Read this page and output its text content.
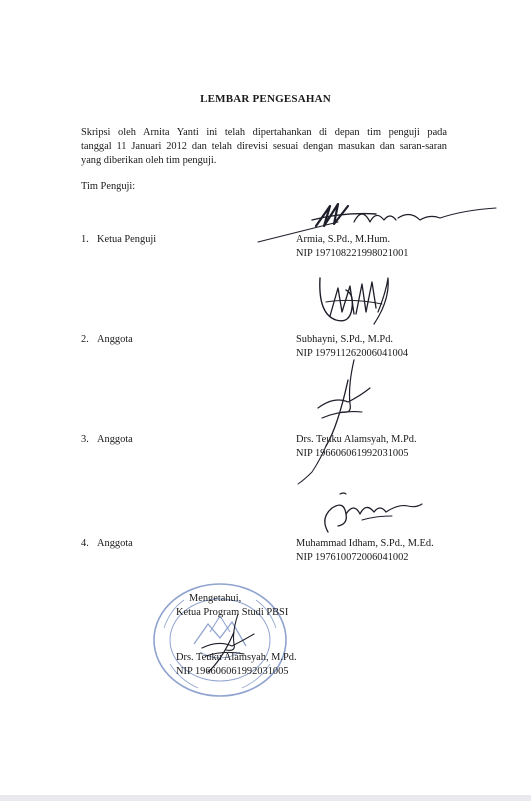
LEMBAR PENGESAHAN
Skripsi oleh Arnita Yanti ini telah dipertahankan di depan tim penguji pada
tanggal 11 Januari 2012 dan telah direvisi sesuai dengan masukan dan saran-saran
yang diberikan oleh tim penguji.
Tim Penguji:
1. Ketua Penguji	Armia, S.Pd., M.Hum.
NIP 197108221998021001
2. Anggota	Subhayni, S.Pd., M.Pd.
NIP 197911262006041004
3. Anggota	Drs. Teuku Alamsyah, M.Pd.
NIP 196606061992031005
4. Anggota	Muhammad Idham, S.Pd., M.Ed.
NIP 197610072006041002
Mengetahui,
Ketua Program Studi PBSI
Drs. Teuku Alamsyah, M.Pd.
NIP 196606061992031005
